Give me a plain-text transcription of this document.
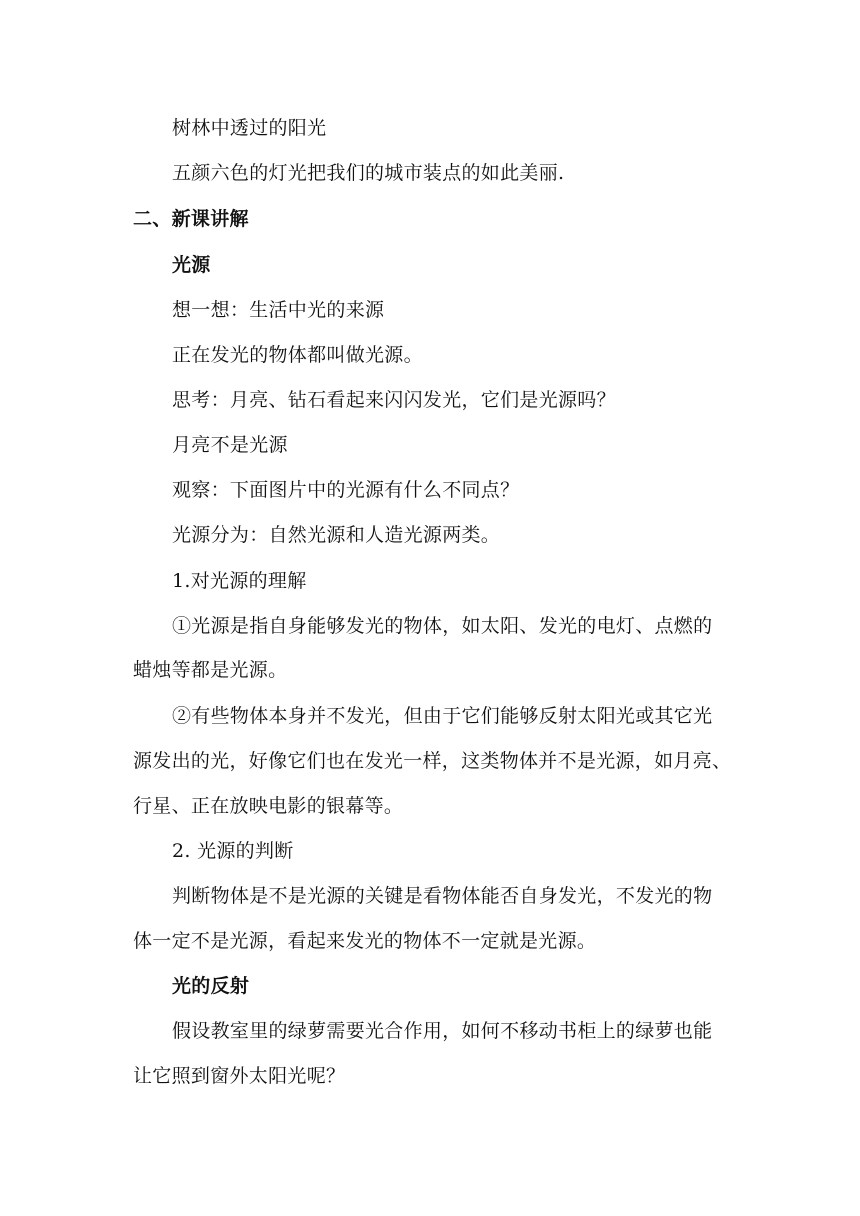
树林中透过的阳光
五颜六色的灯光把我们的城市装点的如此美丽.
二、新课讲解
光源
想一想：生活中光的来源
正在发光的物体都叫做光源。
思考：月亮、钻石看起来闪闪发光，它们是光源吗？
月亮不是光源
观察：下面图片中的光源有什么不同点？
光源分为：自然光源和人造光源两类。
1.对光源的理解
①光源是指自身能够发光的物体，如太阳、发光的电灯、点燃的
蜡烛等都是光源。
②有些物体本身并不发光，但由于它们能够反射太阳光或其它光
源发出的光，好像它们也在发光一样，这类物体并不是光源，如月亮、
行星、正在放映电影的银幕等。
2. 光源的判断
判断物体是不是光源的关键是看物体能否自身发光，不发光的物
体一定不是光源，看起来发光的物体不一定就是光源。
光的反射
假设教室里的绿萝需要光合作用，如何不移动书柜上的绿萝也能
让它照到窗外太阳光呢？
